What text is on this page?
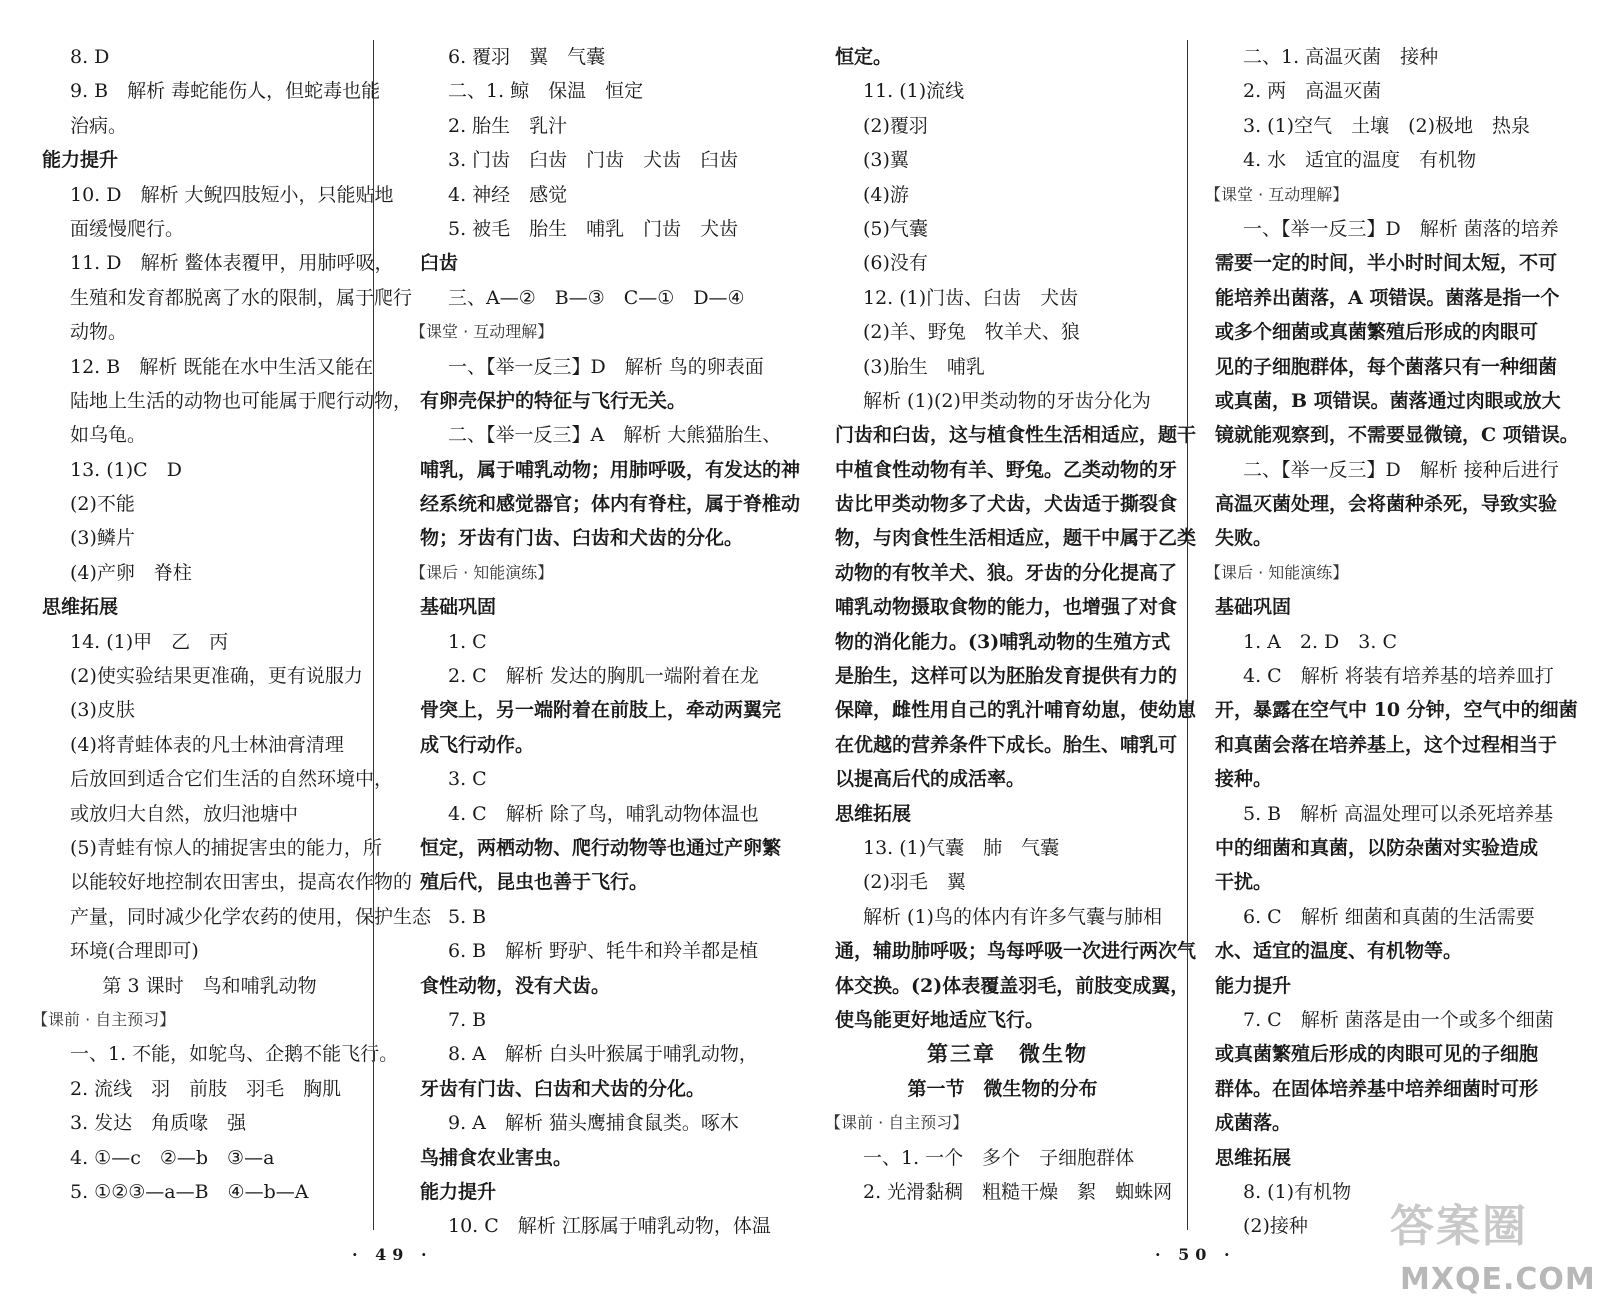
8. D

9. B　解析 毒蛇能伤人，但蛇毒也能

治病。

能力提升

10. D　解析 大鲵四肢短小，只能贴地

面缓慢爬行。

11. D　解析 鳖体表覆甲，用肺呼吸，

生殖和发育都脱离了水的限制，属于爬行

动物。

12. B　解析 既能在水中生活又能在

陆地上生活的动物也可能属于爬行动物，

如乌龟。

13. (1)C　D

(2)不能

(3)鳞片

(4)产卵　脊柱

思维拓展

14. (1)甲　乙　丙

(2)使实验结果更准确，更有说服力

(3)皮肤

(4)将青蛙体表的凡士林油膏清理

后放回到适合它们生活的自然环境中，

或放归大自然，放归池塘中

(5)青蛙有惊人的捕捉害虫的能力，所

以能较好地控制农田害虫，提高农作物的

产量，同时减少化学农药的使用，保护生态

环境(合理即可)

第 3 课时　鸟和哺乳动物

【课前 · 自主预习】

一、1. 不能，如鸵鸟、企鹅不能飞行。

2. 流线　羽　前肢　羽毛　胸肌

3. 发达　角质喙　强

4. ①—c　②—b　③—a

5. ①②③—a—B　④—b—A

6. 覆羽　翼　气囊

二、1. 鲸　保温　恒定

2. 胎生　乳汁

3. 门齿　臼齿　门齿　犬齿　臼齿

4. 神经　感觉

5. 被毛　胎生　哺乳　门齿　犬齿

臼齿

三、A—②　B—③　C—①　D—④

【课堂 · 互动理解】

一、【举一反三】D　解析 鸟的卵表面

有卵壳保护的特征与飞行无关。

二、【举一反三】A　解析 大熊猫胎生、

哺乳，属于哺乳动物；用肺呼吸，有发达的神

经系统和感觉器官；体内有脊柱，属于脊椎动

物；牙齿有门齿、臼齿和犬齿的分化。

【课后 · 知能演练】

基础巩固

1. C

2. C　解析 发达的胸肌一端附着在龙

骨突上，另一端附着在前肢上，牵动两翼完

成飞行动作。

3. C

4. C　解析 除了鸟，哺乳动物体温也

恒定，两栖动物、爬行动物等也通过产卵繁

殖后代，昆虫也善于飞行。

5. B

6. B　解析 野驴、牦牛和羚羊都是植

食性动物，没有犬齿。

7. B

8. A　解析 白头叶猴属于哺乳动物，

牙齿有门齿、臼齿和犬齿的分化。

9. A　解析 猫头鹰捕食鼠类。啄木

鸟捕食农业害虫。

能力提升

10. C　解析 江豚属于哺乳动物，体温

恒定。

11. (1)流线

(2)覆羽

(3)翼

(4)游

(5)气囊

(6)没有

12. (1)门齿、臼齿　犬齿

(2)羊、野兔　牧羊犬、狼

(3)胎生　哺乳

解析 (1)(2)甲类动物的牙齿分化为

门齿和臼齿，这与植食性生活相适应，题干

中植食性动物有羊、野兔。乙类动物的牙

齿比甲类动物多了犬齿，犬齿适于撕裂食

物，与肉食性生活相适应，题干中属于乙类

动物的有牧羊犬、狼。牙齿的分化提高了

哺乳动物摄取食物的能力，也增强了对食

物的消化能力。(3)哺乳动物的生殖方式

是胎生，这样可以为胚胎发育提供有力的

保障，雌性用自己的乳汁哺育幼崽，使幼崽

在优越的营养条件下成长。胎生、哺乳可

以提高后代的成活率。

思维拓展

13. (1)气囊　肺　气囊

(2)羽毛　翼

解析 (1)鸟的体内有许多气囊与肺相

通，辅助肺呼吸；鸟每呼吸一次进行两次气

体交换。(2)体表覆盖羽毛，前肢变成翼，

使鸟能更好地适应飞行。

第三章　微生物

第一节　微生物的分布

【课前 · 自主预习】

一、1. 一个　多个　子细胞群体

2. 光滑黏稠　粗糙干燥　絮　蜘蛛网

二、1. 高温灭菌　接种

2. 两　高温灭菌

3. (1)空气　土壤　(2)极地　热泉

4. 水　适宜的温度　有机物

【课堂 · 互动理解】

一、【举一反三】D　解析 菌落的培养

需要一定的时间，半小时时间太短，不可

能培养出菌落，A 项错误。菌落是指一个

或多个细菌或真菌繁殖后形成的肉眼可

见的子细胞群体，每个菌落只有一种细菌

或真菌，B 项错误。菌落通过肉眼或放大

镜就能观察到，不需要显微镜，C 项错误。

二、【举一反三】D　解析 接种后进行

高温灭菌处理，会将菌种杀死，导致实验

失败。

【课后 · 知能演练】

基础巩固

1. A　2. D　3. C

4. C　解析 将装有培养基的培养皿打

开，暴露在空气中 10 分钟，空气中的细菌

和真菌会落在培养基上，这个过程相当于

接种。

5. B　解析 高温处理可以杀死培养基

中的细菌和真菌，以防杂菌对实验造成

干扰。

6. C　解析 细菌和真菌的生活需要

水、适宜的温度、有机物等。

能力提升

7. C　解析 菌落是由一个或多个细菌

或真菌繁殖后形成的肉眼可见的子细胞

群体。在固体培养基中培养细菌时可形

成菌落。

思维拓展

8. (1)有机物

(2)接种

· 49 ·	· 50 ·
答案圈
MXQE.COM
